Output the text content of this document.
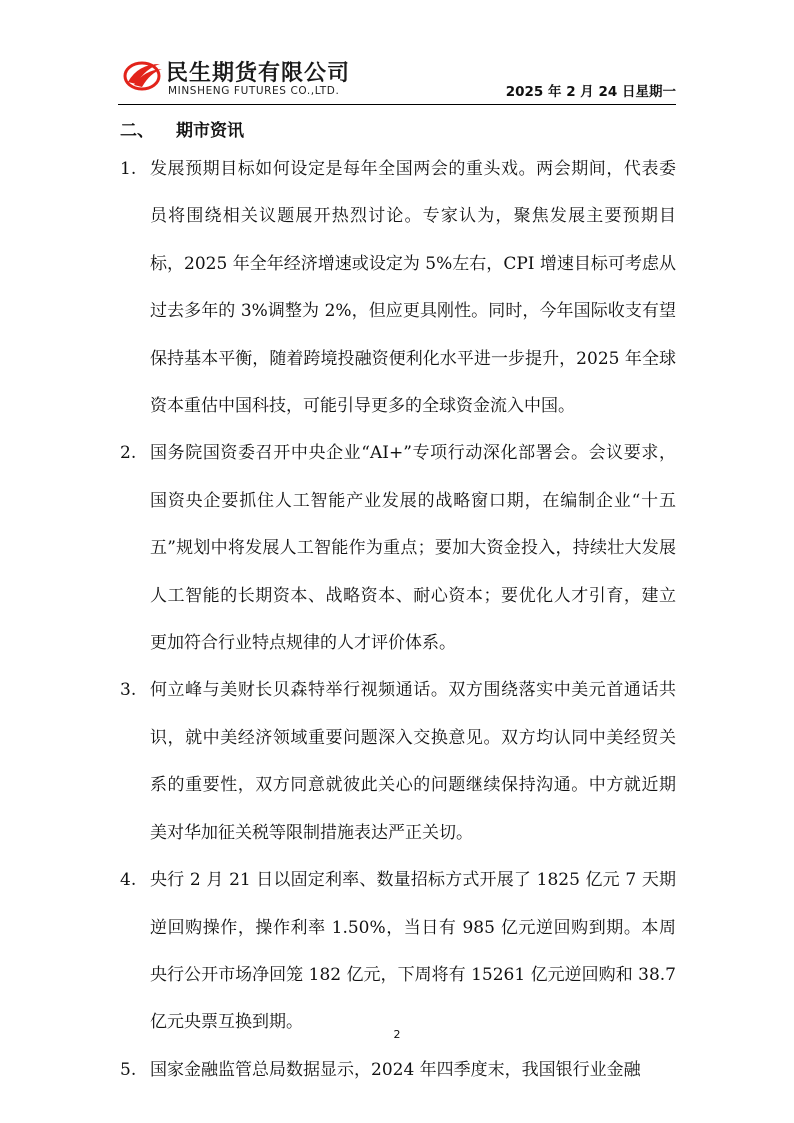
民生期货有限公司
MINSHENG FUTURES CO.,LTD.	2025 年 2 月 24 日星期一
二、 期市资讯
1. 发展预期目标如何设定是每年全国两会的重头戏。两会期间，代表委员将围绕相关议题展开热烈讨论。专家认为，聚焦发展主要预期目标，2025 年全年经济增速或设定为 5%左右，CPI 增速目标可考虑从过去多年的 3%调整为 2%，但应更具刚性。同时，今年国际收支有望保持基本平衡，随着跨境投融资便利化水平进一步提升，2025 年全球资本重估中国科技，可能引导更多的全球资金流入中国。
2. 国务院国资委召开中央企业“AI+”专项行动深化部署会。会议要求，国资央企要抓住人工智能产业发展的战略窗口期，在编制企业“十五五”规划中将发展人工智能作为重点；要加大资金投入，持续壮大发展人工智能的长期资本、战略资本、耐心资本；要优化人才引育，建立更加符合行业特点规律的人才评价体系。
3. 何立峰与美财长贝森特举行视频通话。双方围绕落实中美元首通话共识，就中美经济领域重要问题深入交换意见。双方均认同中美经贸关系的重要性，双方同意就彼此关心的问题继续保持沟通。中方就近期美对华加征关税等限制措施表达严正关切。
4. 央行 2 月 21 日以固定利率、数量招标方式开展了 1825 亿元 7 天期逆回购操作，操作利率 1.50%，当日有 985 亿元逆回购到期。本周央行公开市场净回笼 182 亿元，下周将有 15261 亿元逆回购和 38.7 亿元央票互换到期。
5. 国家金融监管总局数据显示，2024 年四季度末，我国银行业金融
2
